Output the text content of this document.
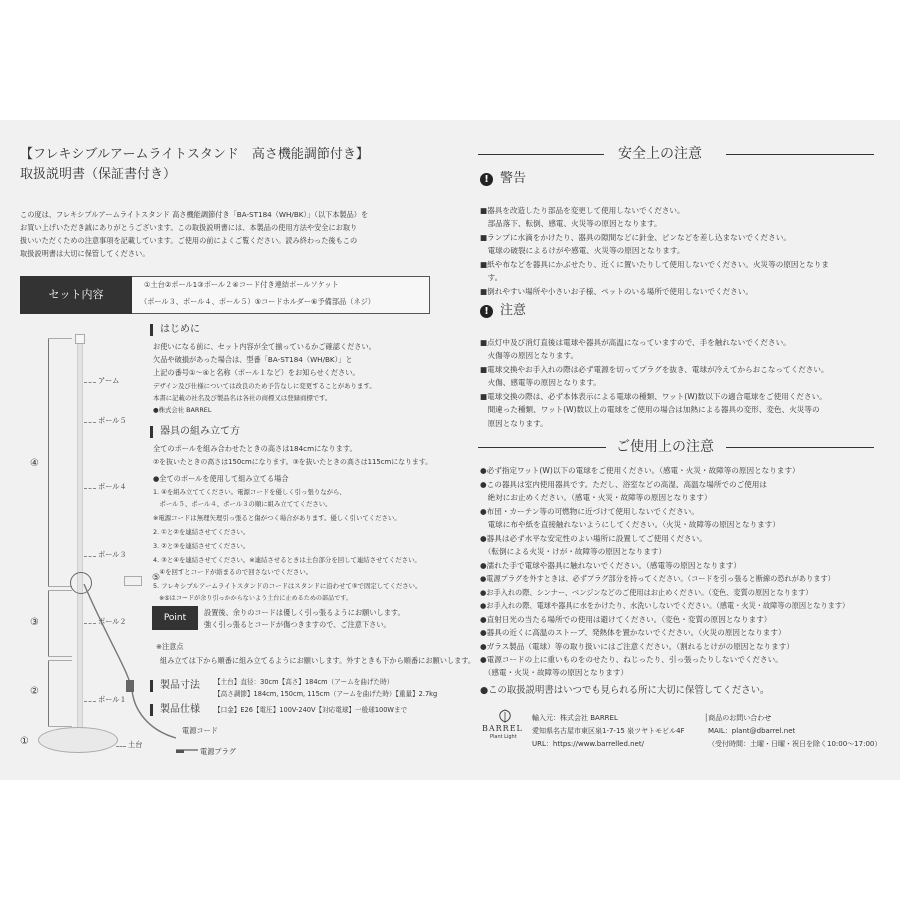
【フレキシブルアームライトスタンド　高さ機能調節付き】
取扱説明書（保証書付き）
この度は、フレキシブルアームライトスタンド 高さ機能調節付き「BA-ST184（WH/BK）」（以下本製品）を
お買い上げいただき誠にありがとうございます。この取扱説明書には、本製品の使用方法や安全にお取り
扱いいただくための注意事項を記載しています。ご使用の前によくご覧ください。読み終わった後もこの
取扱説明書は大切に保管してください。
セット内容
①土台②ポール1③ポール２④コード付き連結ポールソケット
（ポール３、ポール４、ポール５）⑤コードホルダー⑥予備部品（ネジ）
はじめに
お使いになる前に、セット内容が全て揃っているかご確認ください。
欠品や破損があった場合は、型番「BA-ST184（WH/BK）」と
上記の番号①～④と名称（ポール１など）をお知らせください。
デザイン及び仕様については改良のため予告なしに変更することがあります。
本書に記載の社名及び製品名は各社の商標又は登録商標です。
●株式会社 BARREL
器具の組み立て方
全てのポールを組み合わせたときの高さは184cmになります。
②を抜いたときの高さは150cmになります。③を抜いたときの高さは115cmになります。
●全てのポールを使用して組み立てる場合
1. ④を組み立ててください。電源コードを優しく引っ張りながら、
　ポール５、ポール４、ポール３の順に組み立ててください。
※電源コードは無理矢理引っ張ると傷がつく場合があります。優しく引いてください。
2. ①と②を連結させてください。
3. ②と③を連結させてください。
4. ③と④を連結させてください。※連結させるときは土台部分を回して連結させてください。
　④を回すとコードが絡まるので回さないでください。
5. フレキシブルアームライトスタンドのコードはスタンドに沿わせて⑤で固定してください。
　※⑤はコードが余り引っかからないよう土台に止めるための部品です。
Point
設置後、余りのコードは優しく引っ張るようにお願いします。
強く引っ張るとコードが傷つきますので、ご注意下さい。
※注意点
組み立ては下から順番に組み立てるようにお願いします。外すときも下から順番にお願いします。
製品寸法 【土台】直径：30cm【高さ】184cm（アームを曲げた時）
【高さ調節】184cm, 150cm, 115cm（アームを曲げた時）【重量】2.7kg
製品仕様 【口金】E26【電圧】100V-240V【対応電球】一般球100Wまで
④
③
②
①
アーム
ポール５
ポール４
ポール３
ポール２
ポール１
土台
⑤
電源コード
電源プラグ
安全上の注意
! 警告
■器具を改造したり部品を変更して使用しないでください。
　部品落下、転倒、感電、火災等の原因となります。
■ランプに水滴をかけたり、器具の隙間などに針金、ピンなどを差し込まないでください。
　電球の破裂によるけがや感電、火災等の原因となります。
■紙や布などを器具にかぶせたり、近くに置いたりして使用しないでください。火災等の原因となりま
　す。
■倒れやすい場所や小さいお子様、ペットのいる場所で使用しないでください。
! 注意
■点灯中及び消灯直後は電球や器具が高温になっていますので、手を触れないでください。
　火傷等の原因となります。
■電球交換やお手入れの際は必ず電源を切ってプラグを抜き、電球が冷えてからおこなってください。
　火傷、感電等の原因となります。
■電球交換の際は、必ず本体表示による電球の種類、ワット(W)数以下の適合電球をご使用ください。
　間違った種類、ワット(W)数以上の電球をご使用の場合は加熱による器具の変形、変色、火災等の
　原因となります。
ご使用上の注意
●必ず指定ワット(W)以下の電球をご使用ください。（感電・火災・故障等の原因となります）
●この器具は室内使用器具です。ただし、浴室などの高湿、高温な場所でのご使用は
　絶対にお止めください。（感電・火災・故障等の原因となります）
●布団・カーテン等の可燃物に近づけて使用しないでください。
　電球に布や紙を直接触れないようにしてください。（火災・故障等の原因となります）
●器具は必ず水平な安定性のよい場所に設置してご使用ください。
　（転倒による火災・けが・故障等の原因となります）
●濡れた手で電球や器具に触れないでください。（感電等の原因となります）
●電源プラグを外すときは、必ずプラグ部分を持ってください。（コードを引っ張ると断線の恐れがあります）
●お手入れの際、シンナー、ベンジンなどのご使用はお止めください。（変色、変質の原因となります）
●お手入れの際、電球や器具に水をかけたり、水洗いしないでください。（感電・火災・故障等の原因となります）
●直射日光の当たる場所での使用は避けてください。（変色・変質の原因となります）
●器具の近くに高温のストーブ、発熱体を置かないでください。（火災の原因となります）
●ガラス製品（電球）等の取り扱いにはご注意ください。（割れるとけがの原因となります）
●電源コードの上に重いものをのせたり、ねじったり、引っ張ったりしないでください。
　（感電・火災・故障等の原因となります）
●この取扱説明書はいつでも見られる所に大切に保管してください。
BARREL
Plant Light
輸入元：株式会社 BARREL
愛知県名古屋市東区泉1-7-15 泉ツヤトモビル4F
URL：https://www.barrelled.net/
│商品のお問い合わせ
MAIL：plant@dbarrel.net
（受付時間：土曜・日曜・祝日を除く10:00～17:00）
